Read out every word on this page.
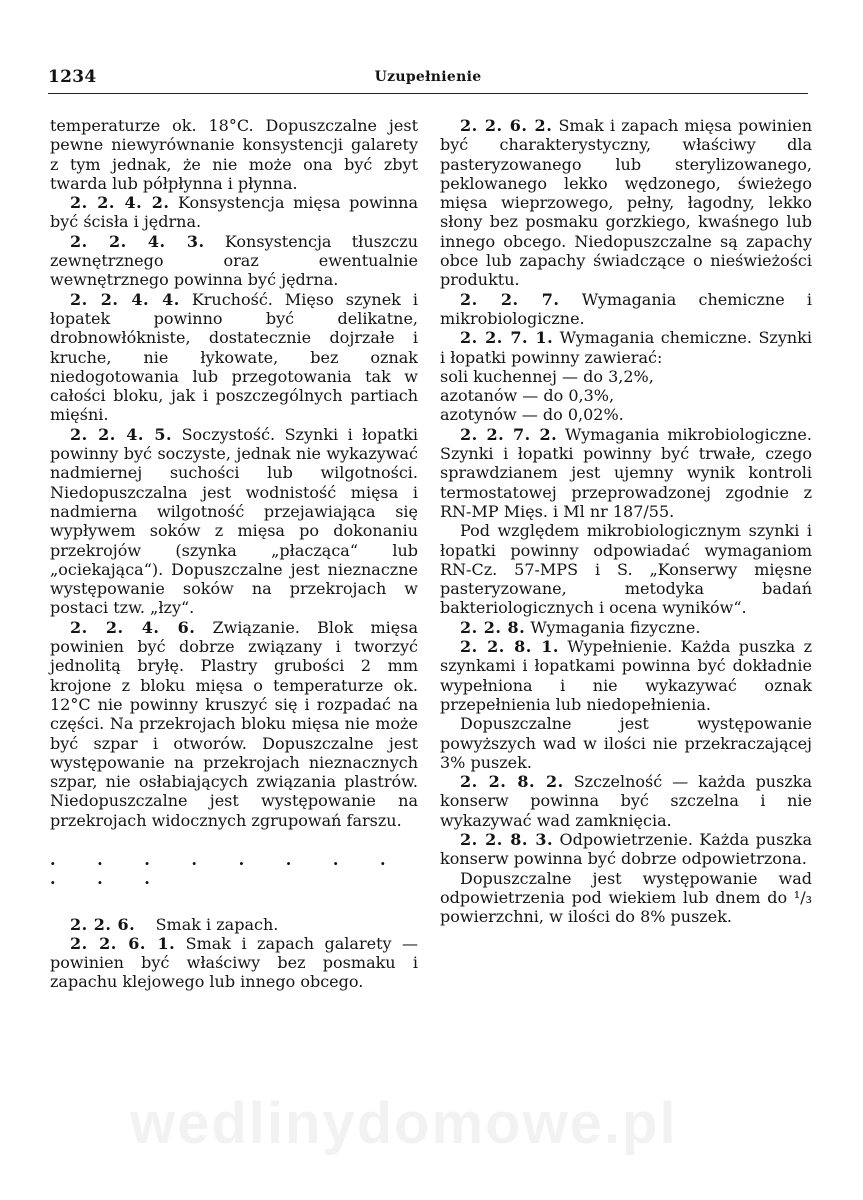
1234	Uzupełnienie

temperaturze ok. 18°C. Dopuszczalne jest pewne niewyrównanie konsystencji galarety z tym jednak, że nie może ona być zbyt twarda lub półpłynna i płynna.

2. 2. 4. 2. Konsystencja mięsa powinna być ścisła i jędrna.

2. 2. 4. 3. Konsystencja tłuszczu zewnętrznego oraz ewentualnie wewnętrznego powinna być jędrna.

2. 2. 4. 4. Kruchość. Mięso szynek i łopatek powinno być delikatne, drobnowłókniste, dostatecznie dojrzałe i kruche, nie łykowate, bez oznak niedogotowania lub przegotowania tak w całości bloku, jak i poszczególnych partiach mięśni.

2. 2. 4. 5. Soczystość. Szynki i łopatki powinny być soczyste, jednak nie wykazywać nadmiernej suchości lub wilgotności. Niedopuszczalna jest wodnistość mięsa i nadmierna wilgotność przejawiająca się wypływem soków z mięsa po dokonaniu przekrojów (szynka „płacząca“ lub „ociekająca“). Dopuszczalne jest nieznaczne występowanie soków na przekrojach w postaci tzw. „łzy“.

2. 2. 4. 6. Związanie. Blok mięsa powinien być dobrze związany i tworzyć jednolitą bryłę. Plastry grubości 2 mm krojone z bloku mięsa o temperaturze ok. 12°C nie powinny kruszyć się i rozpadać na części. Na przekrojach bloku mięsa nie może być szpar i otworów. Dopuszczalne jest występowanie na przekrojach nieznacznych szpar, nie osłabiających związania plastrów. Niedopuszczalne jest występowanie na przekrojach widocznych zgrupowań farszu.

. . . . . . . . . . .

2. 2. 6. Smak i zapach.

2. 2. 6. 1. Smak i zapach galarety — powinien być właściwy bez posmaku i zapachu klejowego lub innego obcego.

2. 2. 6. 2. Smak i zapach mięsa powinien być charakterystyczny, właściwy dla pasteryzowanego lub sterylizowanego, peklowanego lekko wędzonego, świeżego mięsa wieprzowego, pełny, łagodny, lekko słony bez posmaku gorzkiego, kwaśnego lub innego obcego. Niedopuszczalne są zapachy obce lub zapachy świadczące o nieświeżości produktu.

2. 2. 7. Wymagania chemiczne i mikrobiologiczne.

2. 2. 7. 1. Wymagania chemiczne. Szynki i łopatki powinny zawierać:

soli kuchennej — do 3,2%,

azotanów — do 0,3%,

azotynów — do 0,02%.

2. 2. 7. 2. Wymagania mikrobiologiczne. Szynki i łopatki powinny być trwałe, czego sprawdzianem jest ujemny wynik kontroli termostatowej przeprowadzonej zgodnie z RN-MP Mięs. i Ml nr 187/55.

Pod względem mikrobiologicznym szynki i łopatki powinny odpowiadać wymaganiom RN-Cz. 57-MPS i S. „Konserwy mięsne pasteryzowane, metodyka badań bakteriologicznych i ocena wyników“.

2. 2. 8. Wymagania fizyczne.

2. 2. 8. 1. Wypełnienie. Każda puszka z szynkami i łopatkami powinna być dokładnie wypełniona i nie wykazywać oznak przepełnienia lub niedopełnienia.

Dopuszczalne jest występowanie powyższych wad w ilości nie przekraczającej 3% puszek.

2. 2. 8. 2. Szczelność — każda puszka konserw powinna być szczelna i nie wykazywać wad zamknięcia.

2. 2. 8. 3. Odpowietrzenie. Każda puszka konserw powinna być dobrze odpowietrzona.

Dopuszczalne jest występowanie wad odpowietrzenia pod wiekiem lub dnem do ¹/₃ powierzchni, w ilości do 8% puszek.

wedlinydomowe.pl
